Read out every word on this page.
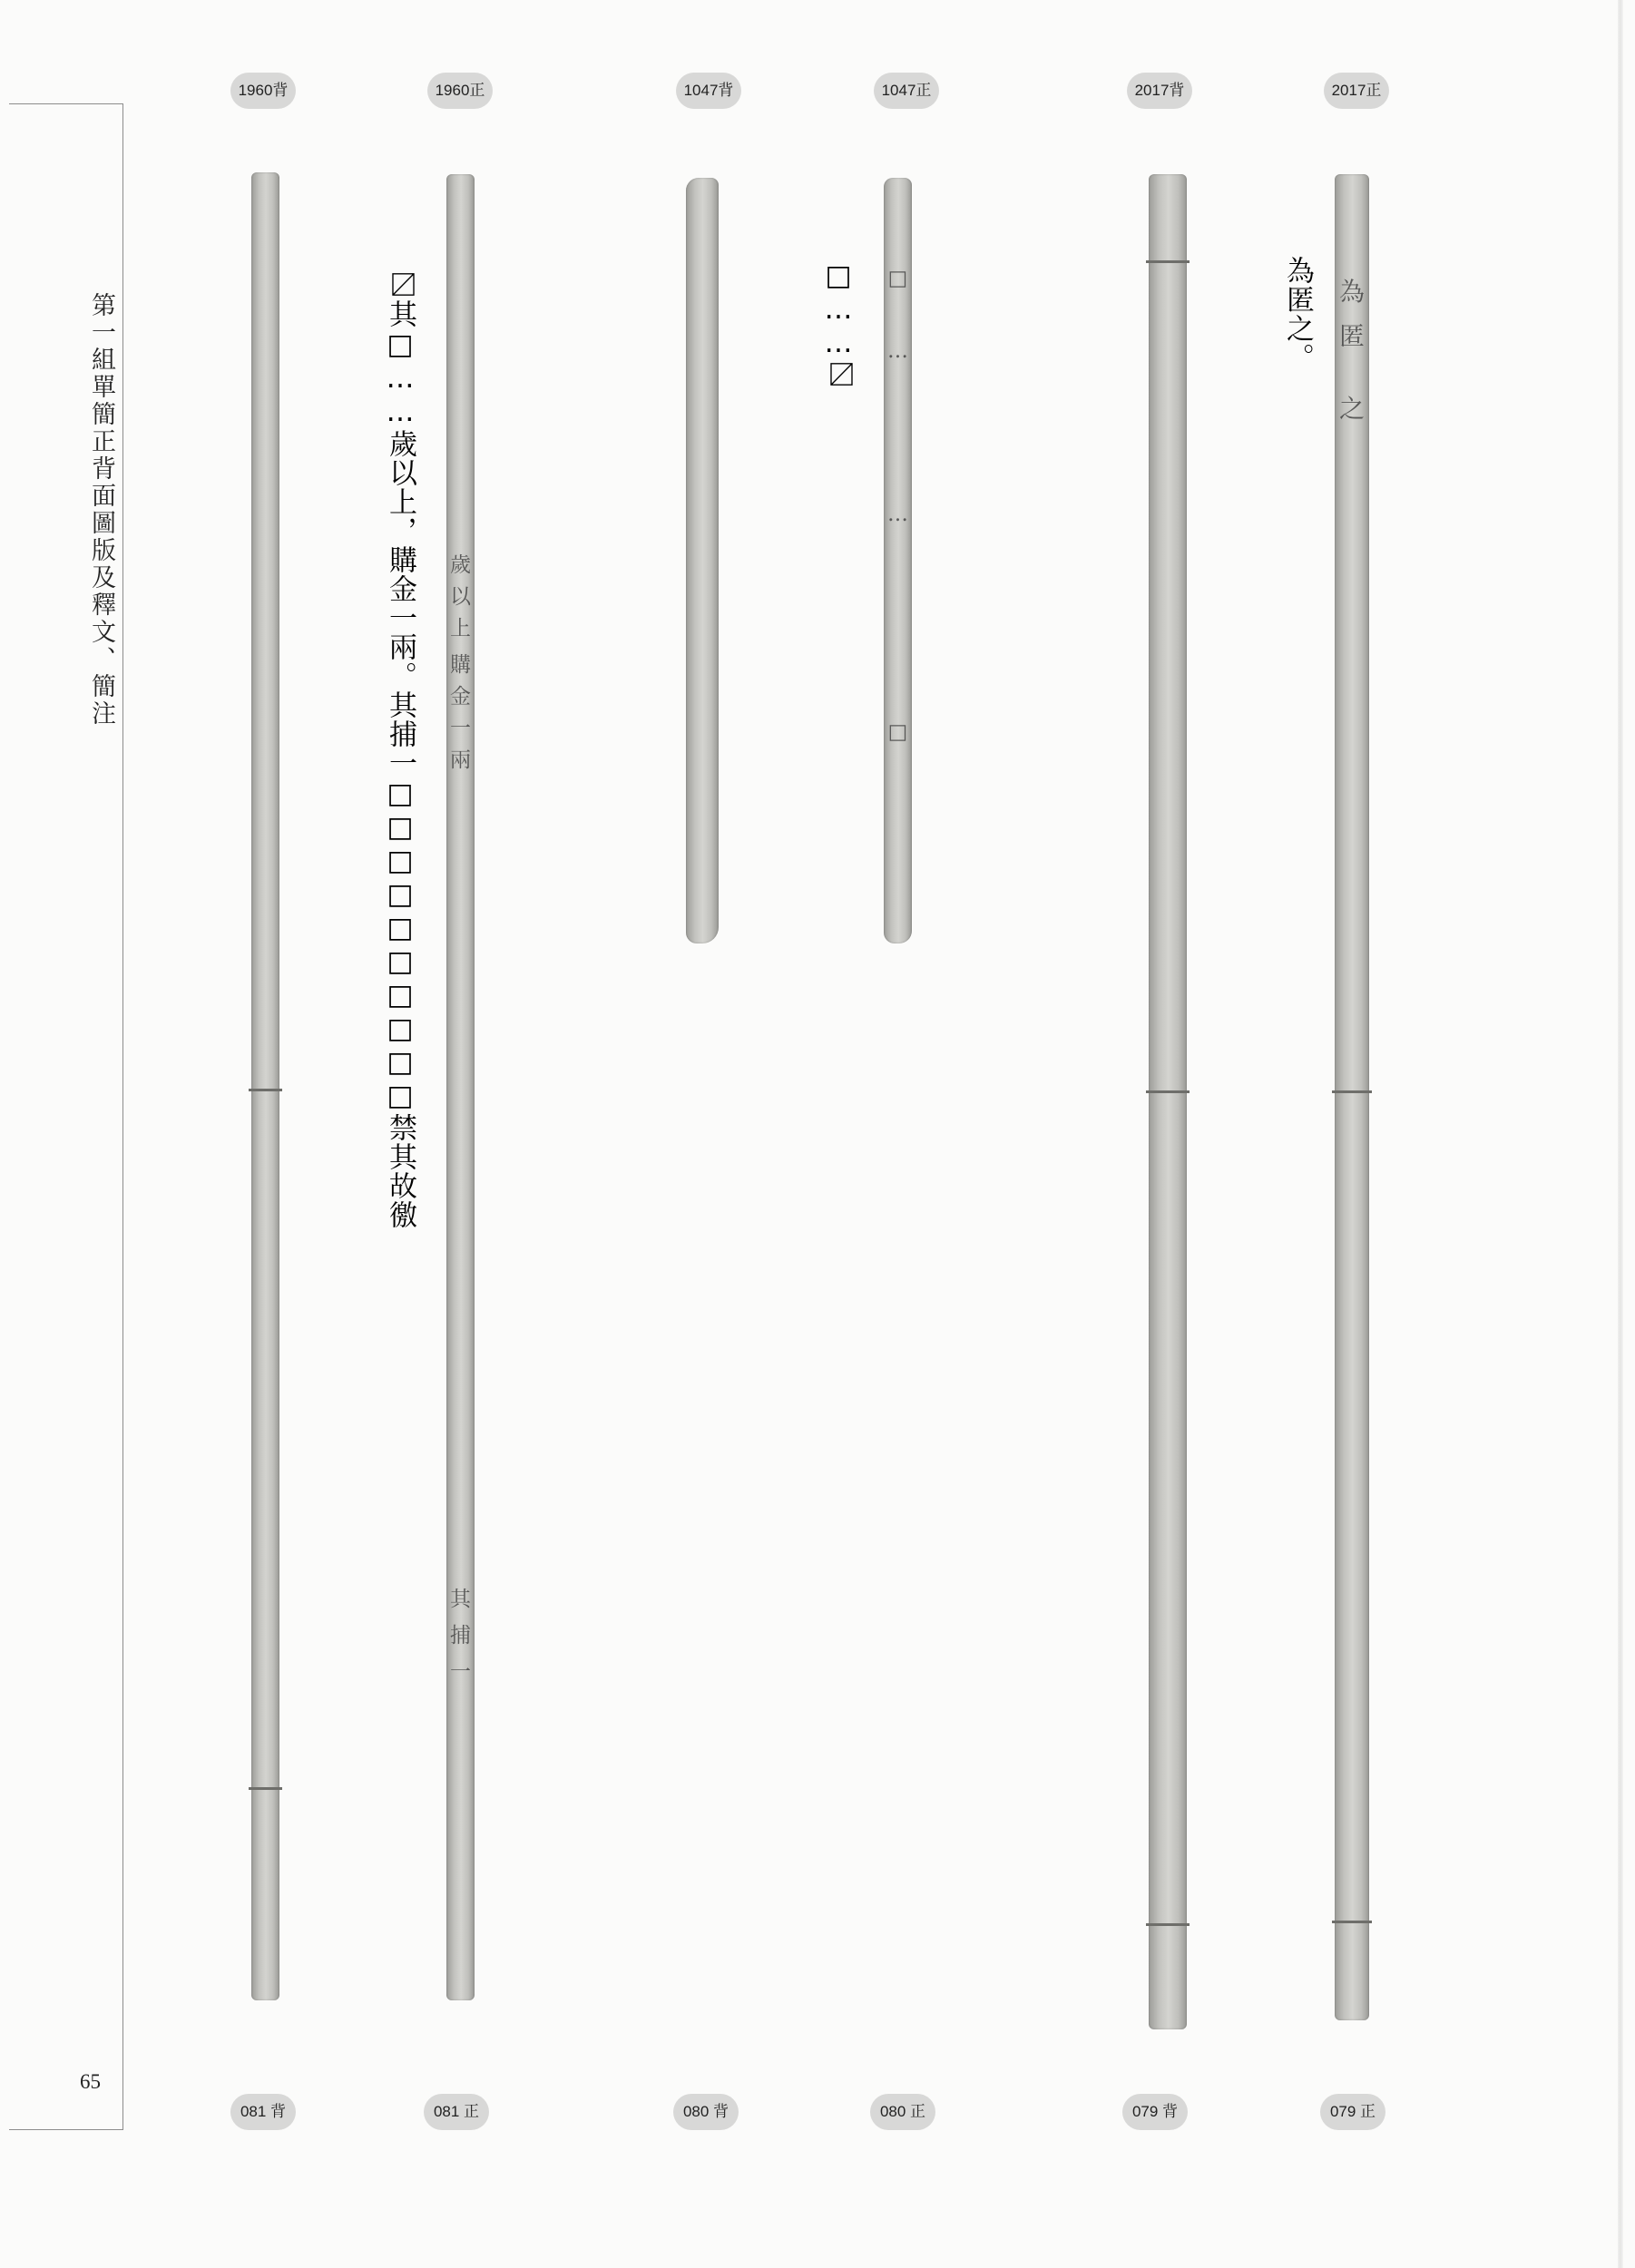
第一組單簡正背面圖版及釋文、簡注
65
1960背	1960正	1047背	1047正	2017背	2017正
歲
以
上
購
金
一
兩
其
捕
一
〼其□……歲以上，購金一兩。其捕一□□□□□□□□□□禁其故徼	□
…
…
□
□……〼	為
匿
之
為匿之。
081 背	081 正	080 背	080 正	079 背	079 正
